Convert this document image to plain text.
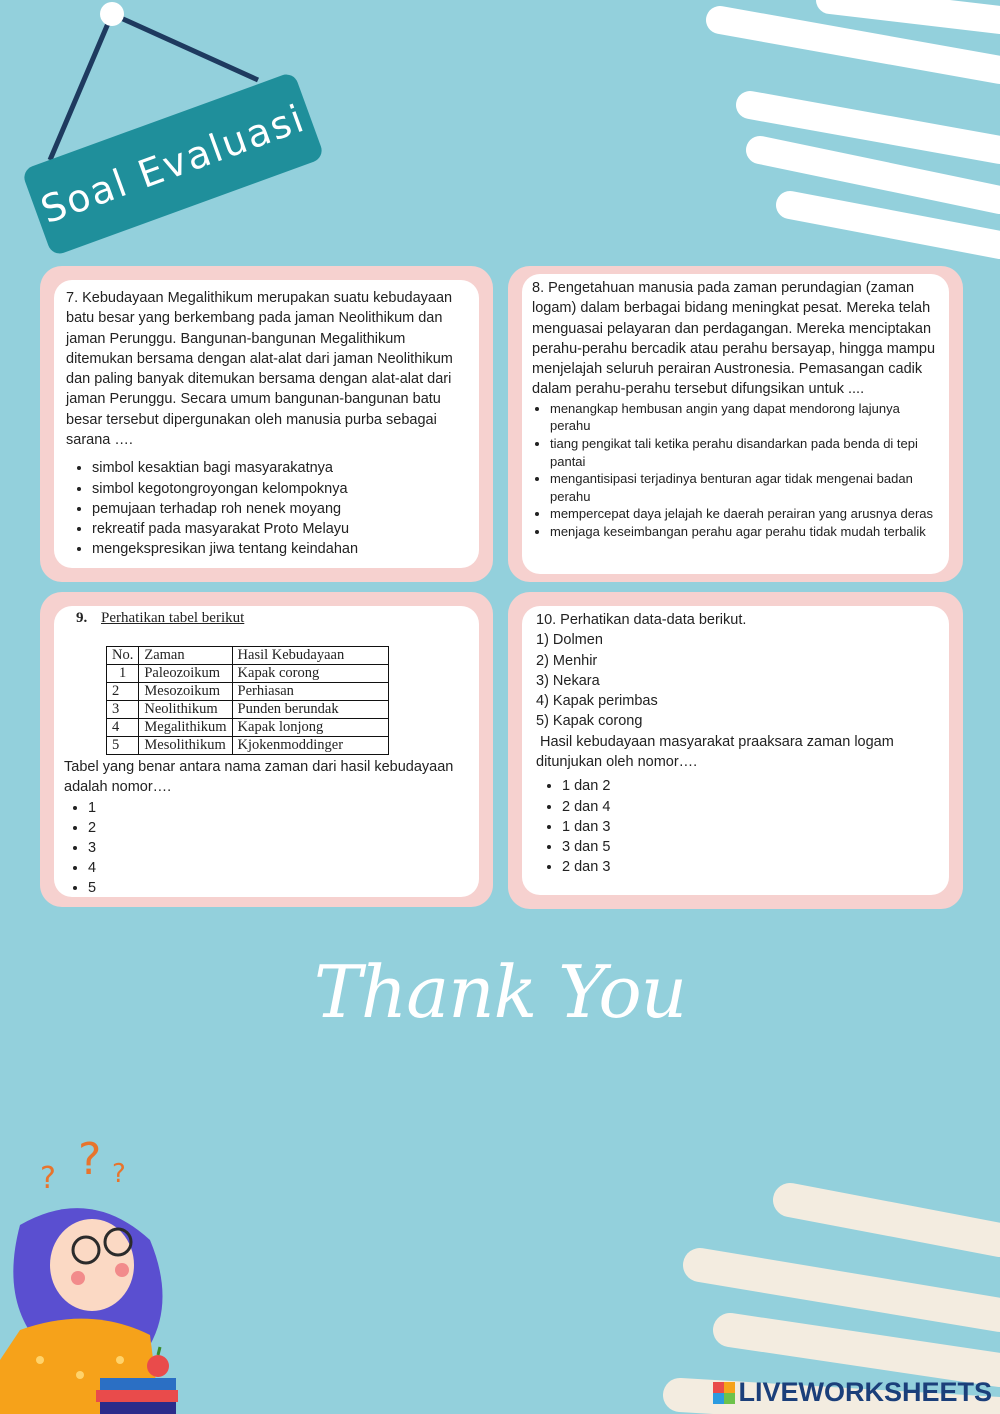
Soal Evaluasi

7. Kebudayaan Megalithikum merupakan suatu kebudayaan batu besar yang berkembang pada jaman Neolithikum dan jaman Perunggu. Bangunan-bangunan Megalithikum ditemukan bersama dengan alat-alat dari jaman Neolithikum dan paling banyak ditemukan bersama dengan alat-alat dari jaman Perunggu. Secara umum bangunan-bangunan batu besar tersebut dipergunakan oleh manusia purba sebagai sarana ….

• simbol kesaktian bagi masyarakatnya
• simbol kegotongroyongan kelompoknya
• pemujaan terhadap roh nenek moyang
• rekreatif pada masyarakat Proto Melayu
• mengekspresikan jiwa tentang keindahan

8. Pengetahuan manusia pada zaman perundagian (zaman logam) dalam berbagai bidang meningkat pesat. Mereka telah menguasai pelayaran dan perdagangan. Mereka menciptakan perahu-perahu bercadik atau perahu bersayap, hingga mampu menjelajah seluruh perairan Austronesia. Pemasangan cadik dalam perahu-perahu tersebut difungsikan untuk ....

• menangkap hembusan angin yang dapat mendorong lajunya perahu
• tiang pengikat tali ketika perahu disandarkan pada benda di tepi pantai
• mengantisipasi terjadinya benturan agar tidak mengenai badan perahu
• mempercepat daya jelajah ke daerah perairan yang arusnya deras
• menjaga keseimbangan perahu agar perahu tidak mudah terbalik
9. Perhatikan tabel berikut
No.	Zaman	Hasil Kebudayaan
1	Paleozoikum	Kapak corong
2	Mesozoikum	Perhiasan
3	Neolithikum	Punden berundak
4	Megalithikum	Kapak lonjong
5	Mesolithikum	Kjokenmoddinger

Tabel yang benar antara nama zaman dari hasil kebudayaan adalah nomor….

• 1
• 2
• 3
• 4
• 5

10. Perhatikan data-data berikut.

1) Dolmen
2) Menhir
3) Nekara
4) Kapak perimbas
5) Kapak corong

Hasil kebudayaan masyarakat praaksara zaman logam ditunjukan oleh nomor….

• 1 dan 2
• 2 dan 4
• 1 dan 3
• 3 dan 5
• 2 dan 3
Thank You
? ? ?
LIVEWORKSHEETS
